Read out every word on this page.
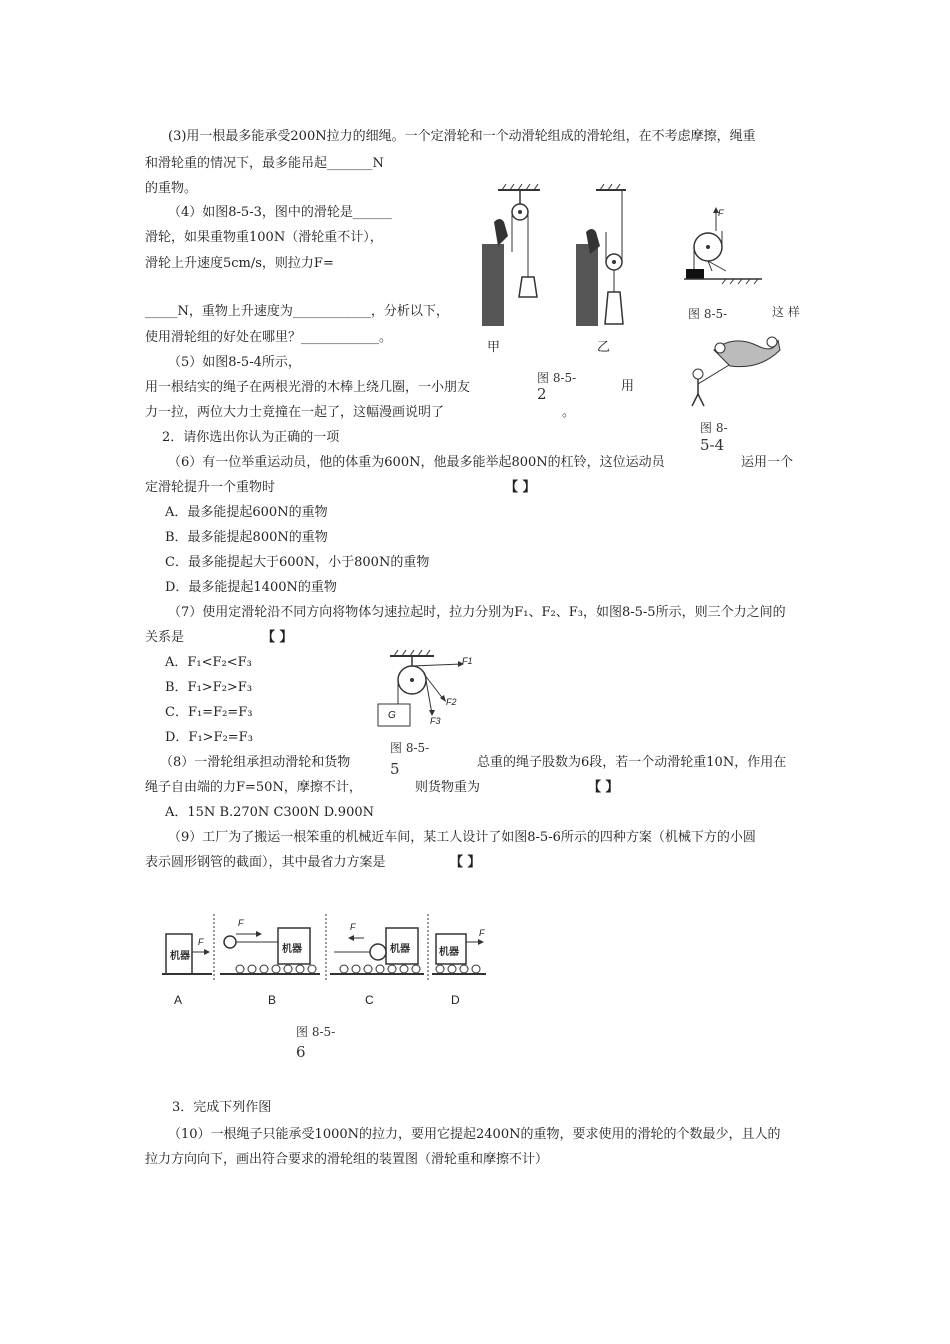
(3)用一根最多能承受200N拉力的细绳。一个定滑轮和一个动滑轮组成的滑轮组，在不考虑摩擦，绳重
和滑轮重的情况下，最多能吊起_______N
的重物。
（4）如图8-5-3，图中的滑轮是______
滑轮，如果重物重100N（滑轮重不计），
滑轮上升速度5cm/s，则拉力F=
_____N，重物上升速度为____________，分析以下，
使用滑轮组的好处在哪里？____________。
甲	乙
图 8-5-
2
F
图 8-5-	这 样
图 8-
5-4
（5）如图8-5-4所示，
用一根结实的绳子在两根光滑的木棒上绕几圈，一小朋友	用
力一拉，两位大力士竟撞在一起了，这幅漫画说明了	。
2．请你选出你认为正确的一项
（6）有一位举重运动员，他的体重为600N，他最多能举起800N的杠铃，这位运动员	运用一个
定滑轮提升一个重物时	【 】
A．最多能提起600N的重物
B．最多能提起800N的重物
C．最多能提起大于600N，小于800N的重物
D．最多能提起1400N的重物
（7）使用定滑轮沿不同方向将物体匀速拉起时，拉力分别为F₁、F₂、F₃，如图8-5-5所示，则三个力之间的
关系是	【 】
A．F₁<F₂<F₃
B．F₁>F₂>F₃
C．F₁=F₂=F₃
D．F₁>F₂=F₃
F1
F2
F3
G
图 8-5-
5
（8）一滑轮组承担动滑轮和货物	总重的绳子股数为6段，若一个动滑轮重10N，作用在
绳子自由端的力F=50N，摩擦不计，	则货物重为	【 】
A．15N B.270N C300N D.900N
（9）工厂为了搬运一根笨重的机械近车间，某工人设计了如图8-5-6所示的四种方案（机械下方的小圆
表示圆形钢管的截面），其中最省力方案是	【 】
机器
机器	机器	机器
F
F	F
F
A	B	C	D
图 8-5-
6
3．完成下列作图
（10）一根绳子只能承受1000N的拉力，要用它提起2400N的重物，要求使用的滑轮的个数最少，且人的
拉力方向向下，画出符合要求的滑轮组的装置图（滑轮重和摩擦不计）
